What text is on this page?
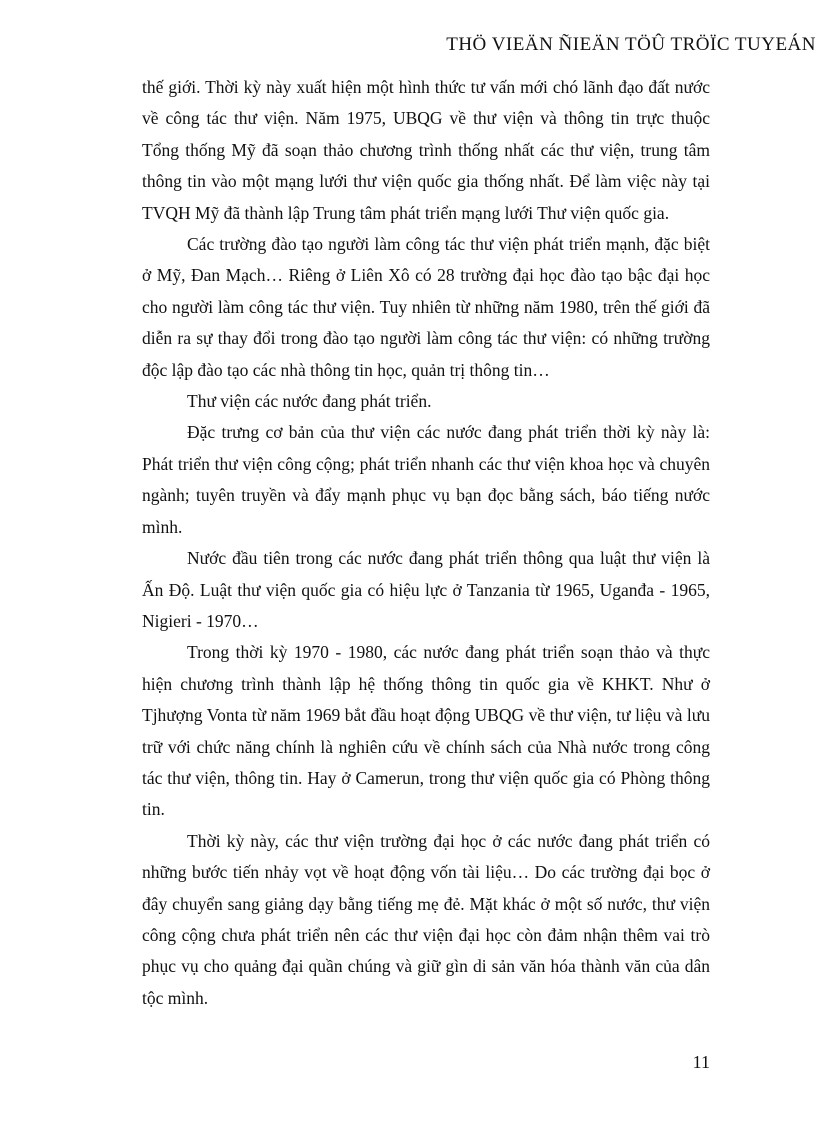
THÖ VIEÄN ÑIEÄN TÖÛ TRÖÏC TUYEÁN

thế giới. Thời kỳ này xuất hiện một hình thức tư vấn mới chó lãnh đạo đất nước về công tác thư viện. Năm 1975, UBQG về thư viện và thông tin trực thuộc Tổng thống Mỹ đã soạn thảo chương trình thống nhất các thư viện, trung tâm thông tin vào một mạng lưới thư viện quốc gia thống nhất. Để làm việc này tại TVQH Mỹ đã thành lập Trung tâm phát triển mạng lưới Thư viện quốc gia.

Các trường đào tạo người làm công tác thư viện phát triển mạnh, đặc biệt ở Mỹ, Đan Mạch… Riêng ở Liên Xô có 28 trường đại học đào tạo bậc đại học cho người làm công tác thư viện. Tuy nhiên từ những năm 1980, trên thế giới đã diễn ra sự thay đổi trong đào tạo người làm công tác thư viện: có những trường độc lập đào tạo các nhà thông tin học, quản trị thông tin…

Thư viện các nước đang phát triển.

Đặc trưng cơ bản của thư viện các nước đang phát triển thời kỳ này là: Phát triển thư viện công cộng; phát triển nhanh các thư viện khoa học và chuyên ngành; tuyên truyền và đẩy mạnh phục vụ bạn đọc bằng sách, báo tiếng nước mình.

Nước đầu tiên trong các nước đang phát triển thông qua luật thư viện là Ấn Độ. Luật thư viện quốc gia có hiệu lực ở Tanzania từ 1965, Uganđa - 1965, Nigieri - 1970…

Trong thời kỳ 1970 - 1980, các nước đang phát triển soạn thảo và thực hiện chương trình thành lập hệ thống thông tin quốc gia về KHKT. Như ở Tjhượng Vonta từ năm 1969 bắt đầu hoạt động UBQG về thư viện, tư liệu và lưu trữ với chức năng chính là nghiên cứu về chính sách của Nhà nước trong công tác thư viện, thông tin. Hay ở Camerun, trong thư viện quốc gia có Phòng thông tin.

Thời kỳ này, các thư viện trường đại học ở các nước đang phát triển có những bước tiến nhảy vọt về hoạt động vốn tài liệu… Do các trường đại bọc ở đây chuyển sang giảng dạy bằng tiếng mẹ đẻ. Mặt khác ở một số nước, thư viện công cộng chưa phát triển nên các thư viện đại học còn đảm nhận thêm vai trò phục vụ cho quảng đại quần chúng và giữ gìn di sản văn hóa thành văn của dân tộc mình.

11
